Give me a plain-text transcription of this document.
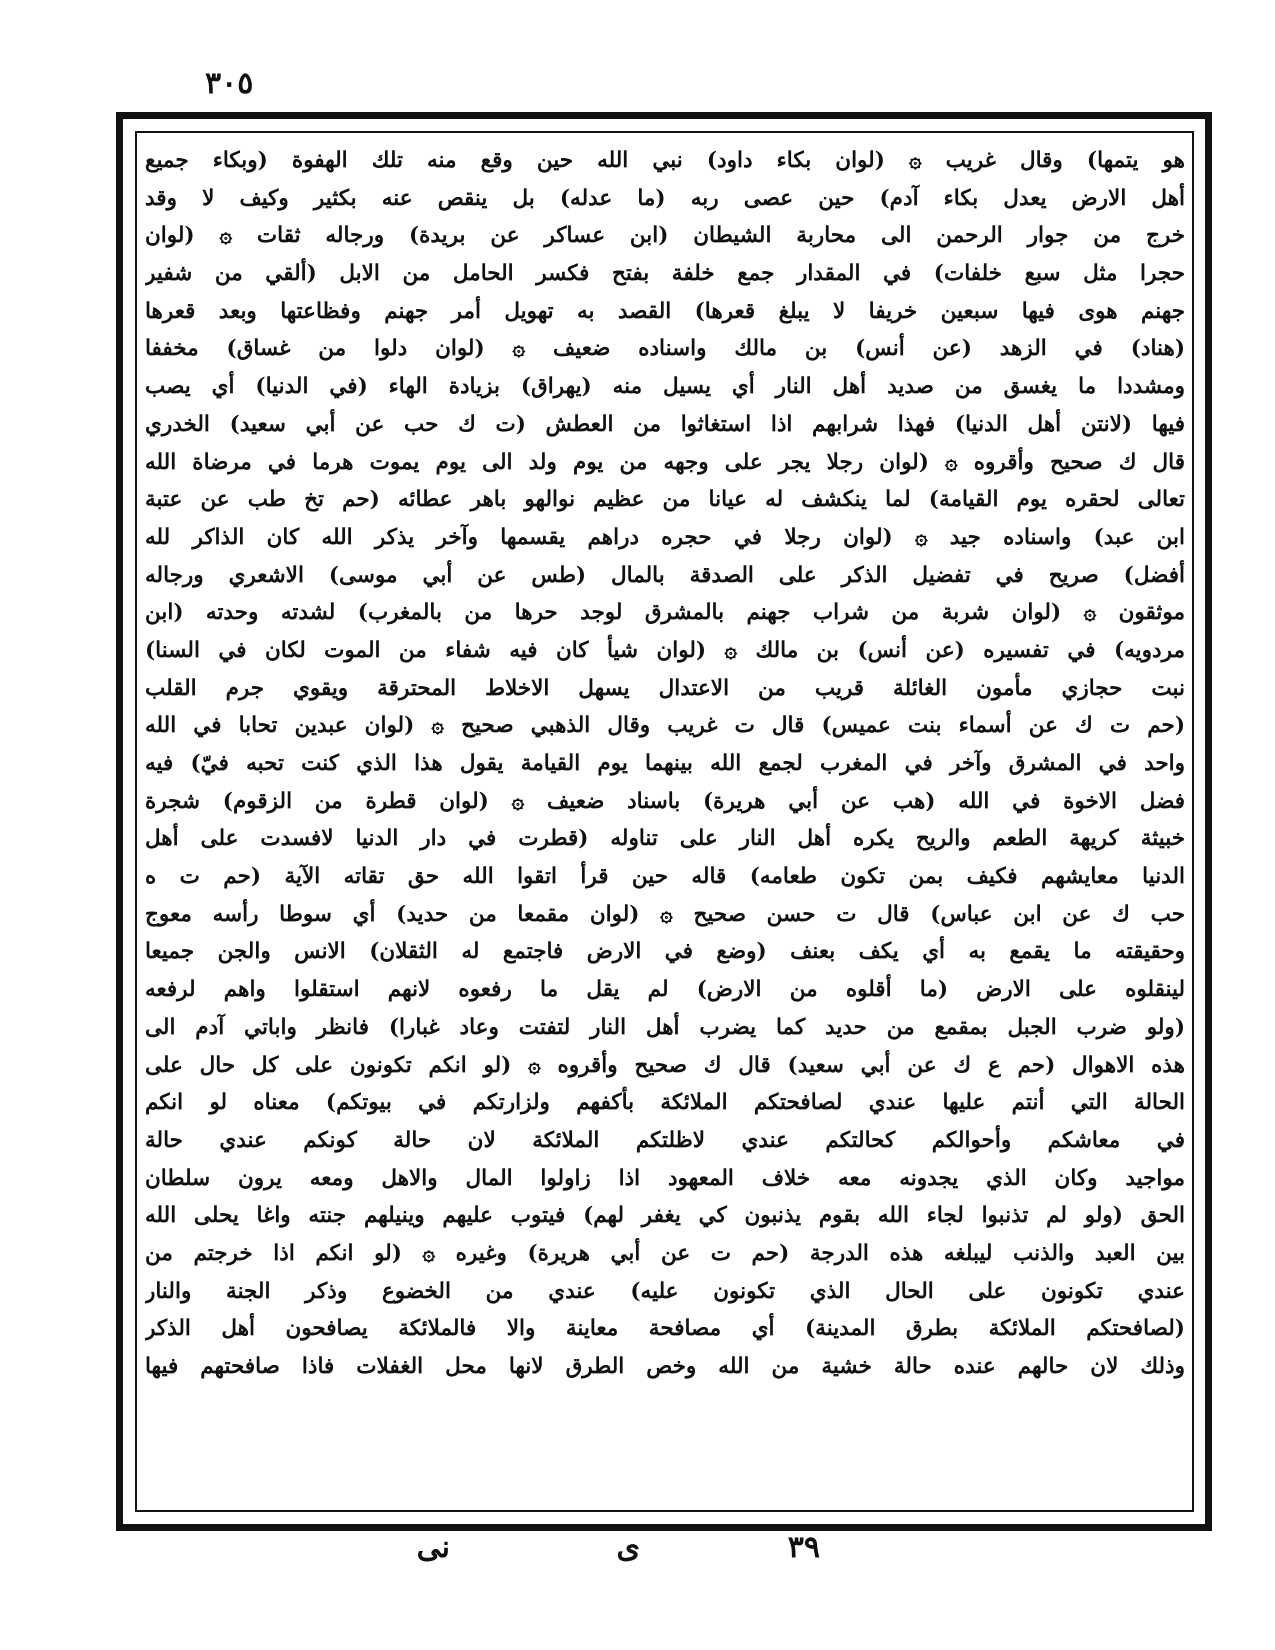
٣٠٥
هو يتمها) وقال غريب ۞ (لوان بكاء داود) نبي الله حين وقع منه تلك الهفوة (وبكاء جميع
أهل الارض يعدل بكاء آدم) حين عصى ربه (ما عدله) بل ينقص عنه بكثير وكيف لا وقد
خرج من جوار الرحمن الى محاربة الشيطان (ابن عساكر عن بريدة) ورجاله ثقات ۞ (لوان
حجرا مثل سبع خلفات) في المقدار جمع خلفة بفتح فكسر الحامل من الابل (ألقي من شفير
جهنم هوى فيها سبعين خريفا لا يبلغ قعرها) القصد به تهويل أمر جهنم وفظاعتها وبعد قعرها
(هناد) في الزهد (عن أنس) بن مالك واسناده ضعيف ۞ (لوان دلوا من غساق) مخففا
ومشددا ما يغسق من صديد أهل النار أي يسيل منه (يهراق) بزيادة الهاء (في الدنيا) أي يصب
فيها (لانتن أهل الدنيا) فهذا شرابهم اذا استغاثوا من العطش (ت ك حب عن أبي سعيد) الخدري
قال ك صحيح وأقروه ۞ (لوان رجلا يجر على وجهه من يوم ولد الى يوم يموت هرما في مرضاة الله
تعالى لحقره يوم القيامة) لما ينكشف له عيانا من عظيم نوالهو باهر عطائه (حم تخ طب عن عتبة
ابن عبد) واسناده جيد ۞ (لوان رجلا في حجره دراهم يقسمها وآخر يذكر الله كان الذاكر لله
أفضل) صريح في تفضيل الذكر على الصدقة بالمال (طس عن أبي موسى) الاشعري ورجاله
موثقون ۞ (لوان شربة من شراب جهنم بالمشرق لوجد حرها من بالمغرب) لشدته وحدته (ابن
مردويه) في تفسيره (عن أنس) بن مالك ۞ (لوان شيأ كان فيه شفاء من الموت لكان في السنا)
نبت حجازي مأمون الغائلة قريب من الاعتدال يسهل الاخلاط المحترقة ويقوي جرم القلب
(حم ت ك عن أسماء بنت عميس) قال ت غريب وقال الذهبي صحيح ۞ (لوان عبدين تحابا في الله
واحد في المشرق وآخر في المغرب لجمع الله بينهما يوم القيامة يقول هذا الذي كنت تحبه فيّ) فيه
فضل الاخوة في الله (هب عن أبي هريرة) باسناد ضعيف ۞ (لوان قطرة من الزقوم) شجرة
خبيثة كريهة الطعم والريح يكره أهل النار على تناوله (قطرت في دار الدنيا لافسدت على أهل
الدنيا معايشهم فكيف بمن تكون طعامه) قاله حين قرأ اتقوا الله حق تقاته الآية (حم ت ه
حب ك عن ابن عباس) قال ت حسن صحيح ۞ (لوان مقمعا من حديد) أي سوطا رأسه معوج
وحقيقته ما يقمع به أي يكف بعنف (وضع في الارض فاجتمع له الثقلان) الانس والجن جميعا
لينقلوه على الارض (ما أقلوه من الارض) لم يقل ما رفعوه لانهم استقلوا واهم لرفعه
(ولو ضرب الجبل بمقمع من حديد كما يضرب أهل النار لتفتت وعاد غبارا) فانظر واباتي آدم الى
هذه الاهوال (حم ع ك عن أبي سعيد) قال ك صحيح وأقروه ۞ (لو انكم تكونون على كل حال على
الحالة التي أنتم عليها عندي لصافحتكم الملائكة بأكفهم ولزارتكم في بيوتكم) معناه لو انكم
في معاشكم وأحوالكم كحالتكم عندي لاظلتكم الملائكة لان حالة كونكم عندي حالة
مواجيد وكان الذي يجدونه معه خلاف المعهود اذا زاولوا المال والاهل ومعه يرون سلطان
الحق (ولو لم تذنبوا لجاء الله بقوم يذنبون كي يغفر لهم) فيتوب عليهم وينيلهم جنته واغا يحلى الله
بين العبد والذنب ليبلغه هذه الدرجة (حم ت عن أبي هريرة) وغيره ۞ (لو انكم اذا خرجتم من
عندي تكونون على الحال الذي تكونون عليه) عندي من الخضوع وذكر الجنة والنار
(لصافحتكم الملائكة بطرق المدينة) أي مصافحة معاينة والا فالملائكة يصافحون أهل الذكر
وذلك لان حالهم عنده حالة خشية من الله وخص الطرق لانها محل الغفلات فاذا صافحتهم فيها
٣٩
ى
نى
